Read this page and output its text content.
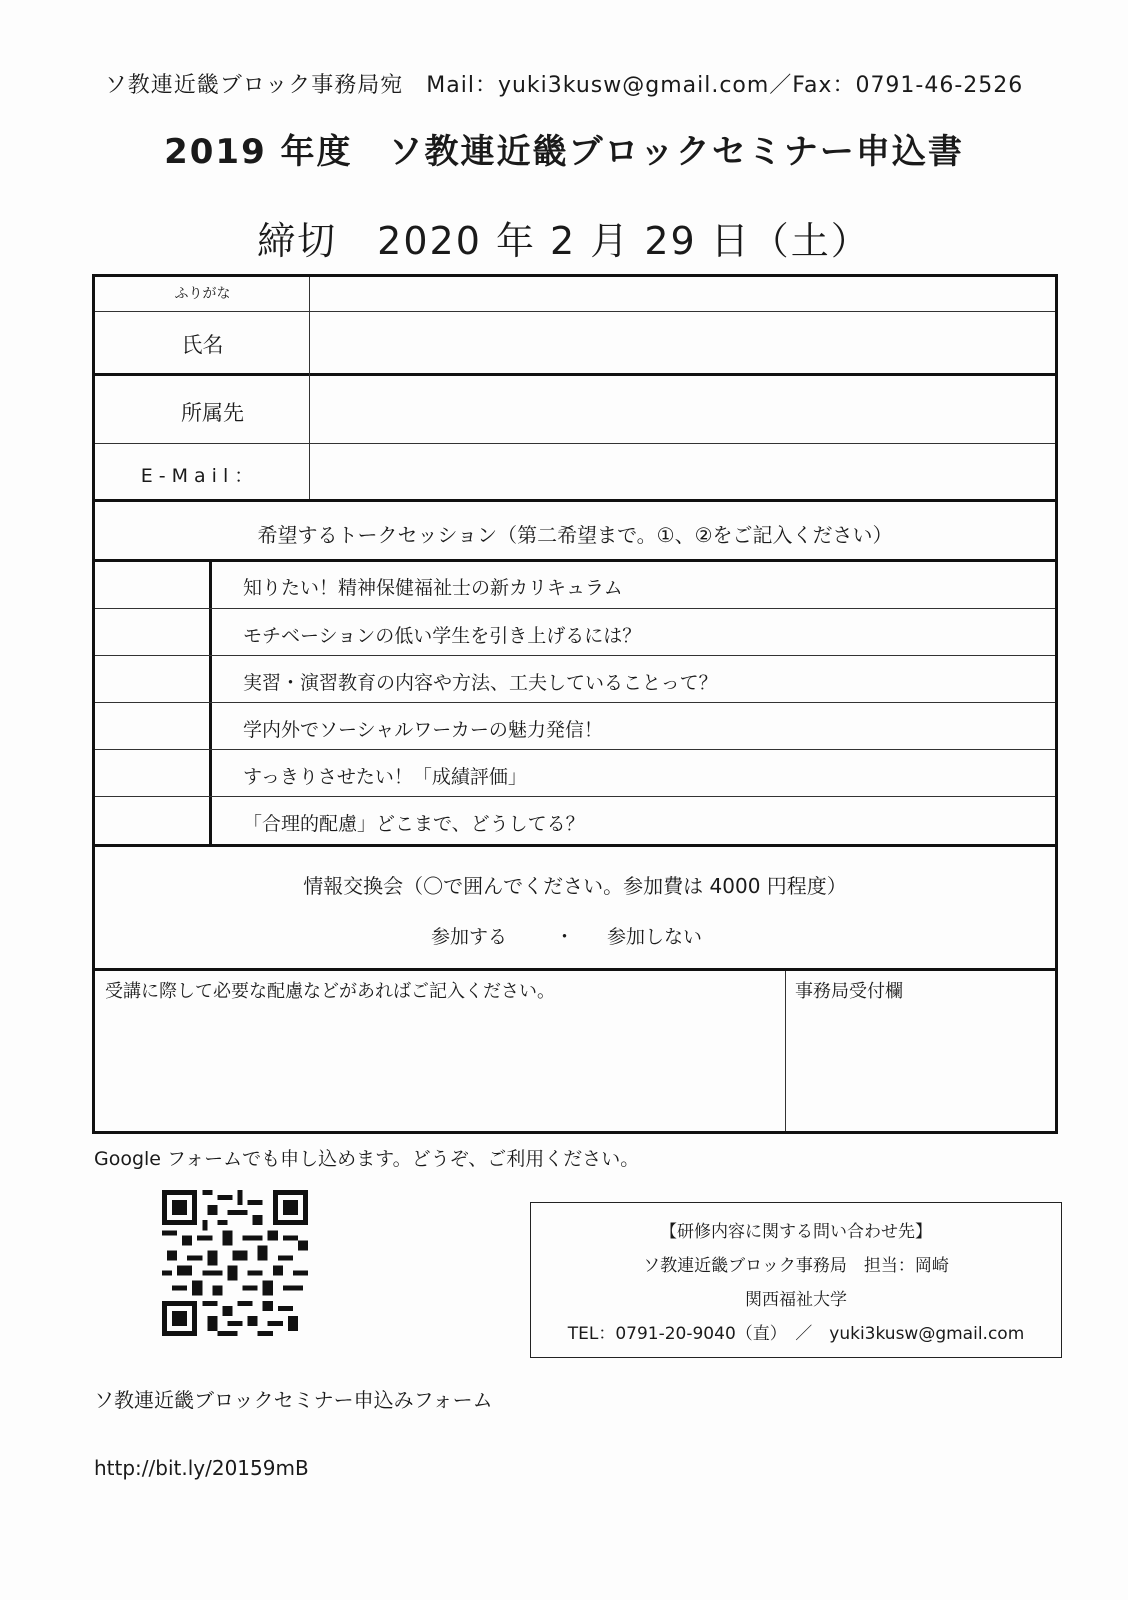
ソ教連近畿ブロック事務局宛　Mail：yuki3kusw@gmail.com／Fax：0791-46-2526
2019 年度　ソ教連近畿ブロックセミナー申込書
締切　2020 年 2 月 29 日（土）
ふりがな
氏名
所属先
E-Mail：
希望するトークセッション（第二希望まで。①、②をご記入ください）
知りたい！精神保健福祉士の新カリキュラム
モチベーションの低い学生を引き上げるには？
実習・演習教育の内容や方法、工夫していることって？
学内外でソーシャルワーカーの魅力発信！
すっきりさせたい！「成績評価」
「合理的配慮」どこまで、どうしてる？
情報交換会（〇で囲んでください。参加費は 4000 円程度）
参加する	・ 参加しない
受講に際して必要な配慮などがあればご記入ください。	事務局受付欄
Google フォームでも申し込めます。どうぞ、ご利用ください。
【研修内容に関する問い合わせ先】
ソ教連近畿ブロック事務局　担当：岡崎
関西福祉大学
TEL：0791-20-9040（直）　／　yuki3kusw@gmail.com
ソ教連近畿ブロックセミナー申込みフォーム
http://bit.ly/20159mB
